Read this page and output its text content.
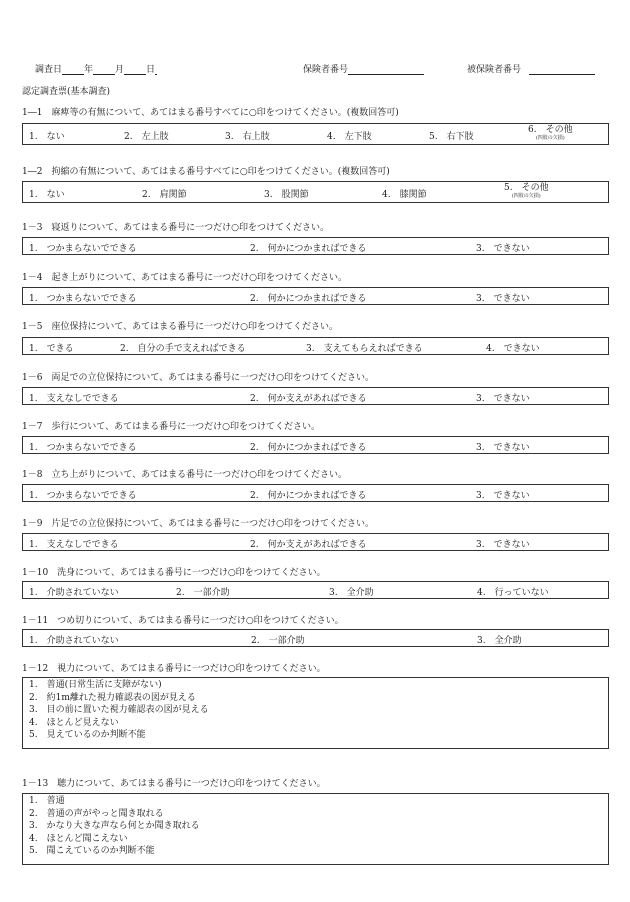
調査日 年 月 日	保険者番号	被保険者番号
認定調査票(基本調査)
1―1　麻痺等の有無について、あてはまる番号すべてに○印をつけてください。(複数回答可)
1.　ない	2.　左上肢	3.　右上肢	4.　左下肢	5.　右下肢
6.　その他
(四肢の欠損)
1―2　拘縮の有無について、あてはまる番号すべてに○印をつけてください。(複数回答可)
1.　ない	2.　肩関節	3.　股関節	4.　膝関節
5.　その他
(四肢の欠損)
1－3　寝返りについて、あてはまる番号に一つだけ○印をつけてください。
1.　つかまらないでできる	2.　何かにつかまればできる	3.　できない
1－4　起き上がりについて、あてはまる番号に一つだけ○印をつけてください。
1.　つかまらないでできる	2.　何かにつかまればできる	3.　できない
1－5　座位保持について、あてはまる番号に一つだけ○印をつけてください。
1.　できる	2.　自分の手で支えればできる	3.　支えてもらえればできる	4.　できない
1－6　両足での立位保持について、あてはまる番号に一つだけ○印をつけてください。
1.　支えなしでできる	2.　何か支えがあればできる	3.　できない
1－7　歩行について、あてはまる番号に一つだけ○印をつけてください。
1.　つかまらないでできる	2.　何かにつかまればできる	3.　できない
1－8　立ち上がりについて、あてはまる番号に一つだけ○印をつけてください。
1.　つかまらないでできる	2.　何かにつかまればできる	3.　できない
1－9　片足での立位保持について、あてはまる番号に一つだけ○印をつけてください。
1.　支えなしでできる	2.　何か支えがあればできる	3.　できない
1－10　洗身について、あてはまる番号に一つだけ○印をつけてください。
1.　介助されていない	2.　一部介助	3.　全介助	4.　行っていない
1－11　つめ切りについて、あてはまる番号に一つだけ○印をつけてください。
1.　介助されていない	2.　一部介助	3.　全介助
1－12　視力について、あてはまる番号に一つだけ○印をつけてください。
1.　普通(日常生活に支障がない)
2.　約1m離れた視力確認表の図が見える
3.　目の前に置いた視力確認表の図が見える
4.　ほとんど見えない
5.　見えているのか判断不能
1－13　聴力について、あてはまる番号に一つだけ○印をつけてください。
1.　普通
2.　普通の声がやっと聞き取れる
3.　かなり大きな声なら何とか聞き取れる
4.　ほとんど聞こえない
5.　聞こえているのか判断不能
